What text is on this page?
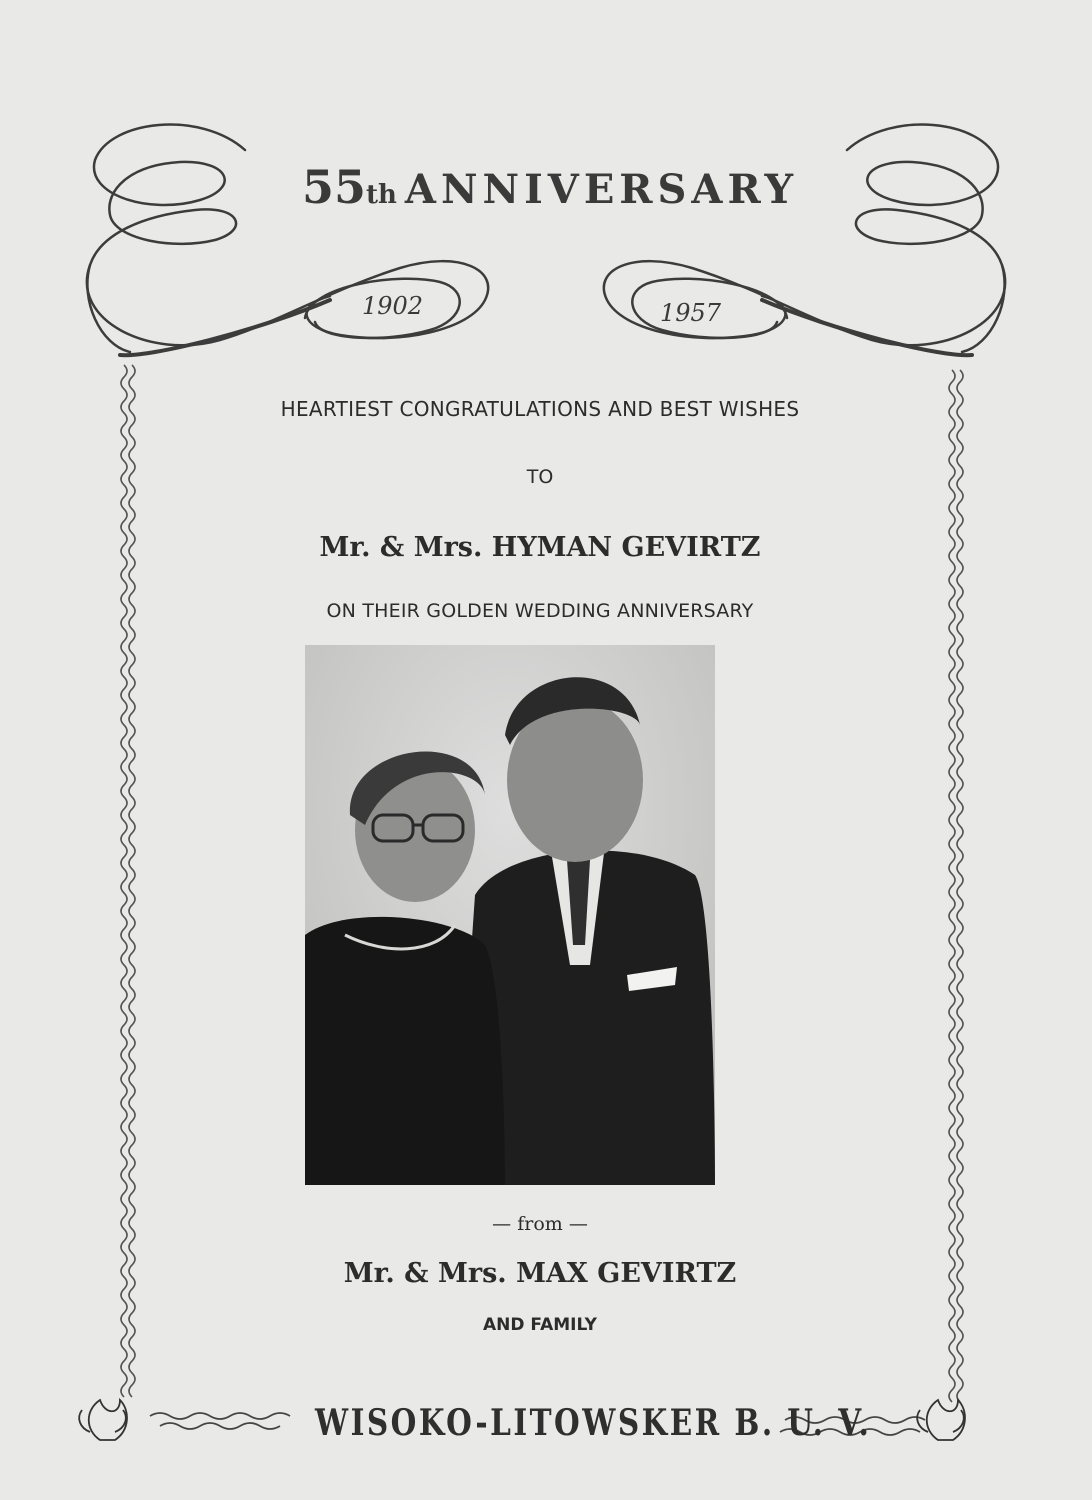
55th ANNIVERSARY
1902	1957
HEARTIEST CONGRATULATIONS AND BEST WISHES
TO
Mr. & Mrs. HYMAN GEVIRTZ
ON THEIR GOLDEN WEDDING ANNIVERSARY
— from —
Mr. & Mrs. MAX GEVIRTZ
AND FAMILY
WISOKO-LITOWSKER B. U. V.
